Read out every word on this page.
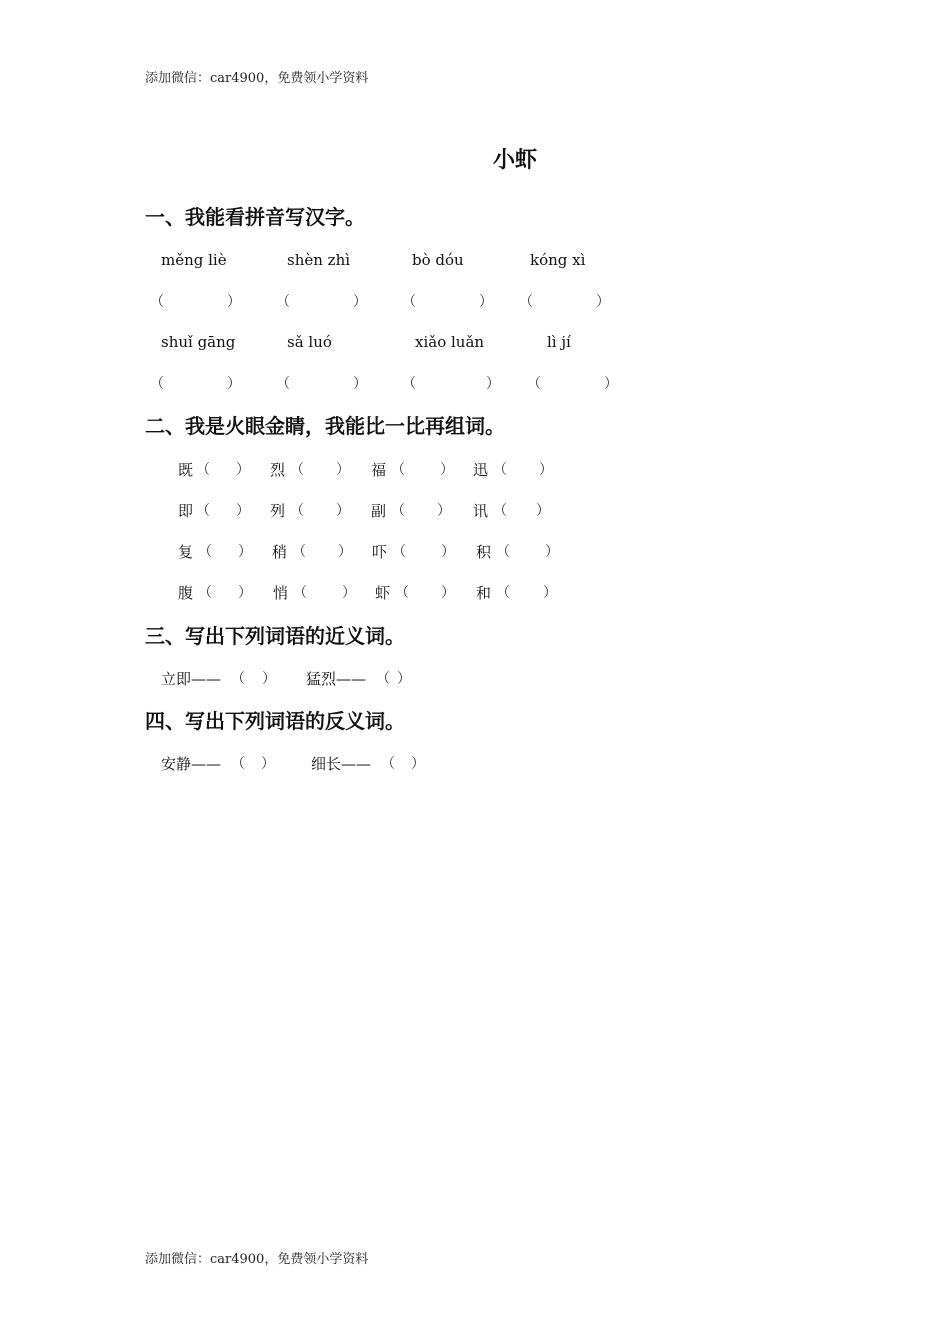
添加微信：car4900，免费领小学资料
小虾
一、我能看拼音写汉字。
měng liè	shèn zhì	bò dóu	kóng xì
（	）	（	）	（	） （	）
shuǐ gāng	sǎ luó	xiǎo luǎn	lì jí
（	）	（	）	（	） （	）
二、我是火眼金睛，我能比一比再组词。
既 （ ） 烈 （ ） 福 （	） 迅 （ ）
即 （ ） 列 （ ） 副 （ ） 讯 （ ）
复 （ ） 稍 （ ） 吓 （	） 积 （	）
腹 （ ） 悄 （	） 虾 （ ） 和 （ ）
三、写出下列词语的近义词。
立即—— （ ） 猛烈—— （ ）
四、写出下列词语的反义词。
安静—— （ ） 细长—— （ ）
添加微信：car4900，免费领小学资料
